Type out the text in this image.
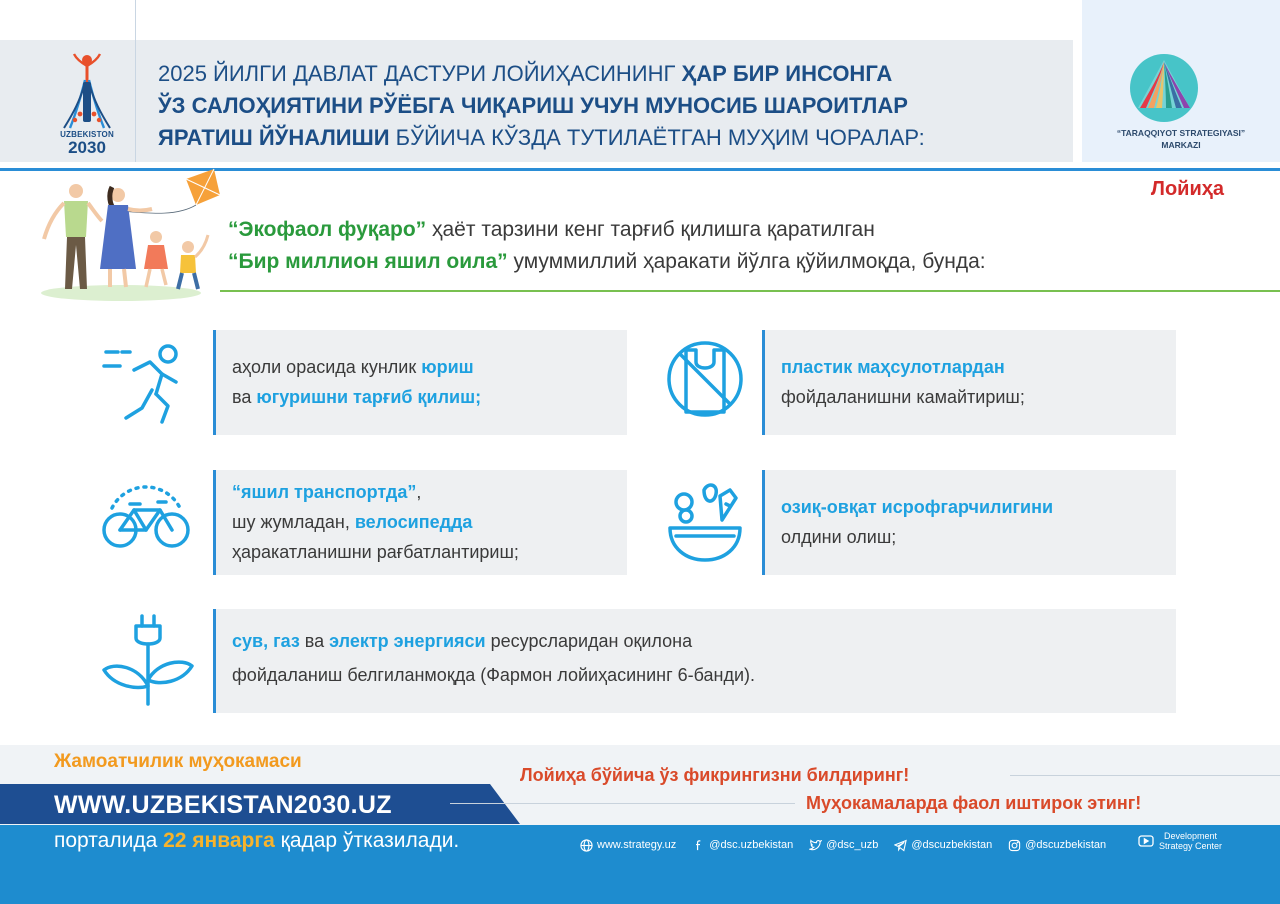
UZBEKISTON
2030
2025 ЙИЛГИ ДАВЛАТ ДАСТУРИ ЛОЙИҲАСИНИНГ ҲАР БИР ИНСОНГА
ЎЗ САЛОҲИЯТИНИ РЎЁБГА ЧИҚАРИШ УЧУН МУНОСИБ ШАРОИТЛАР
ЯРАТИШ ЙЎНАЛИШИ БЎЙИЧА КЎЗДА ТУТИЛАЁТГАН МУҲИМ ЧОРАЛАР:	“TARAQQIYOT STRATEGIYASI”
MARKAZI
Лойиҳа
“Экофаол фуқаро” ҳаёт тарзини кенг тарғиб қилишга қаратилган
“Бир миллион яшил оила” умуммиллий ҳаракати йўлга қўйилмоқда, бунда:
аҳоли орасида кунлик юриш
ва югуришни тарғиб қилиш;
пластик маҳсулотлардан
фойдаланишни камайтириш;
“яшил транспортда”,
шу жумладан, велосипедда
ҳаракатланишни рағбатлантириш;
озиқ-овқат исрофгарчилигини
олдини олиш;
сув, газ ва электр энергияси ресурсларидан оқилона
фойдаланиш белгиланмоқда (Фармон лойиҳасининг 6-банди).
Жамоатчилик муҳокамаси
WWW.UZBEKISTAN2030.UZ
Лойиҳа бўйича ўз фикрингизни билдиринг!
Муҳокамаларда фаол иштирок этинг!
порталида 22 январга қадар ўтказилади.	www.strategy.uz	@dsc.uzbekistan	@dsc_uzb	@dscuzbekistan	@dscuzbekistan
Development
Strategy Center
